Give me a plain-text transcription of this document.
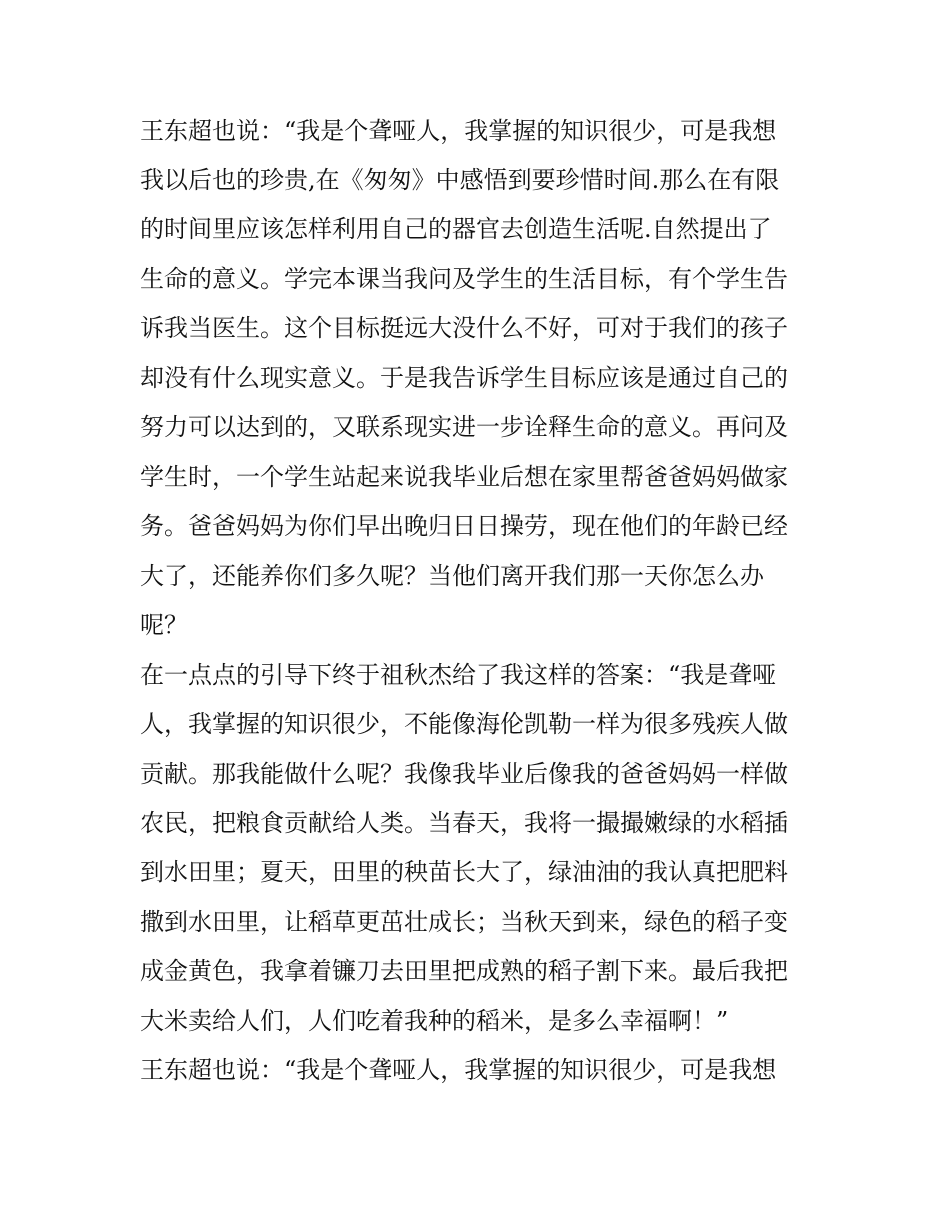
王东超也说：“我是个聋哑人，我掌握的知识很少，可是我想

我以后也的珍贵,在《匆匆》中感悟到要珍惜时间.那么在有限

的时间里应该怎样利用自己的器官去创造生活呢.自然提出了

生命的意义。学完本课当我问及学生的生活目标，有个学生告

诉我当医生。这个目标挺远大没什么不好，可对于我们的孩子

却没有什么现实意义。于是我告诉学生目标应该是通过自己的

努力可以达到的，又联系现实进一步诠释生命的意义。再问及

学生时，一个学生站起来说我毕业后想在家里帮爸爸妈妈做家

务。爸爸妈妈为你们早出晚归日日操劳，现在他们的年龄已经

大了，还能养你们多久呢？当他们离开我们那一天你怎么办

呢？

在一点点的引导下终于祖秋杰给了我这样的答案：“我是聋哑

人，我掌握的知识很少，不能像海伦凯勒一样为很多残疾人做

贡献。那我能做什么呢？我像我毕业后像我的爸爸妈妈一样做

农民，把粮食贡献给人类。当春天，我将一撮撮嫩绿的水稻插

到水田里；夏天，田里的秧苗长大了，绿油油的我认真把肥料

撒到水田里，让稻草更茁壮成长；当秋天到来，绿色的稻子变

成金黄色，我拿着镰刀去田里把成熟的稻子割下来。最后我把

大米卖给人们，人们吃着我种的稻米，是多么幸福啊！”

王东超也说：“我是个聋哑人，我掌握的知识很少，可是我想
